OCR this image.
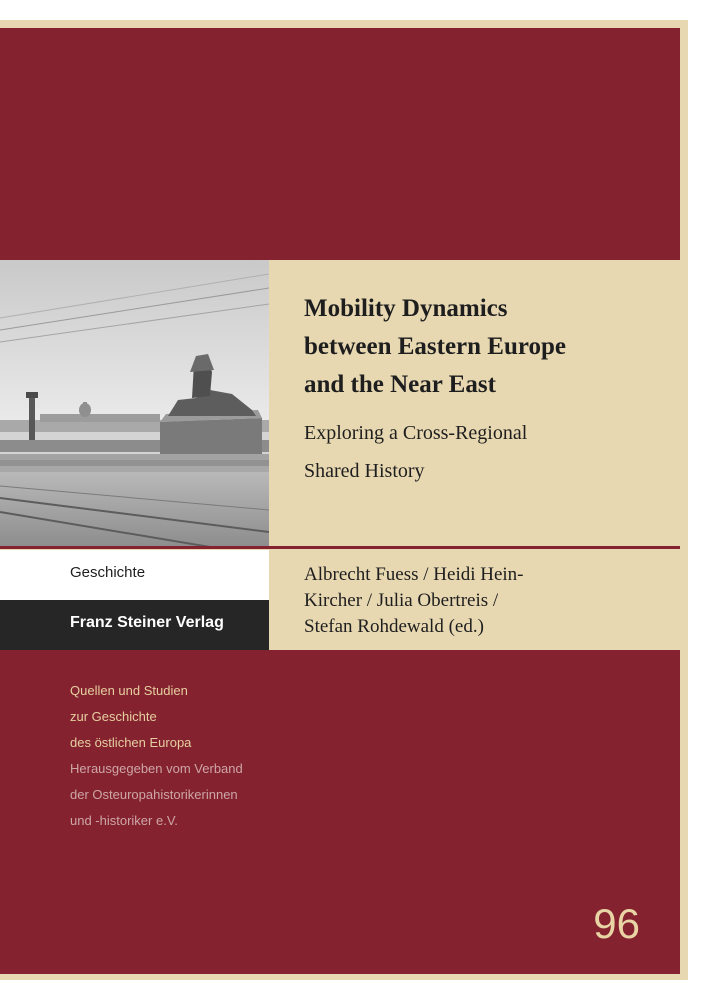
Mobility Dynamics
between Eastern Europe
and the Near East
Exploring a Cross-Regional
Shared History
Geschichte
Franz Steiner Verlag
Albrecht Fuess / Heidi Hein-
Kircher / Julia Obertreis /
Stefan Rohdewald (ed.)
Quellen und Studien
zur Geschichte
des östlichen Europa
Herausgegeben vom Verband
der Osteuropahistorikerinnen
und -historiker e.V.
96
